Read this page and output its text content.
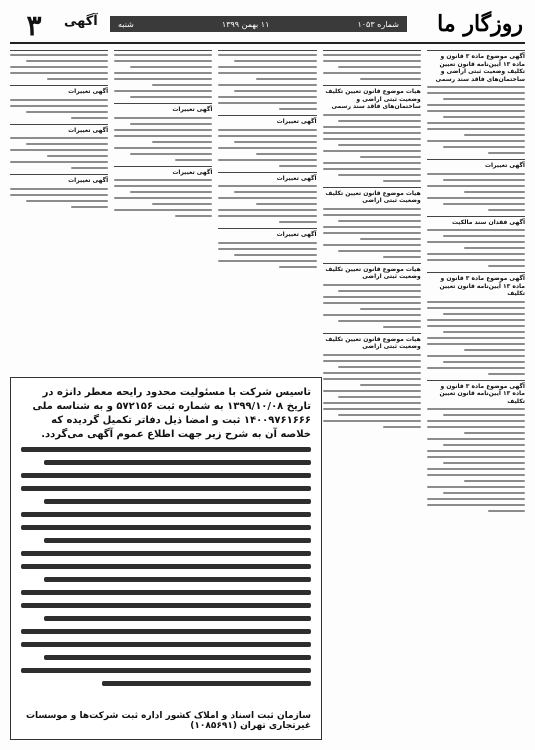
۳	آگهی	شماره ۱۰۵۳
۱۱ بهمن ۱۳۹۹
شنبه	روزگار ما
آگهی موضوع ماده ۳ قانون و ماده ۱۳ آیین‌نامه قانون تعیین تکلیف وضعیت ثبتی اراضی و ساختمان‌های فاقد سند رسمی
آگهی تغییرات
آگهی فقدان سند مالکیت
آگهی موضوع ماده ۳ قانون و ماده ۱۳ آیین‌نامه قانون تعیین تکلیف
آگهی موضوع ماده ۳ قانون و ماده ۱۳ آیین‌نامه قانون تعیین تکلیف
هیات موضوع قانون تعیین تکلیف وضعیت ثبتی اراضی و ساختمان‌های فاقد سند رسمی
هیات موضوع قانون تعیین تکلیف وضعیت ثبتی اراضی
هیات موضوع قانون تعیین تکلیف وضعیت ثبتی اراضی
هیات موضوع قانون تعیین تکلیف وضعیت ثبتی اراضی
آگهی تغییرات
آگهی تغییرات
آگهی تغییرات
آگهی تغییرات
آگهی تغییرات
آگهی تغییرات
آگهی تغییرات
آگهی تغییرات
تاسیس شرکت با مسئولیت محدود رایحه معطر دانژه در تاریخ ۱۳۹۹/۱۰/۰۸ به شماره ثبت ۵۷۲۱۵۶ و به شناسه ملی ۱۴۰۰۹۷۶۱۶۶۶ ثبت و امضا ذیل دفاتر تکمیل گردیده که خلاصه آن به شرح زیر جهت اطلاع عموم آگهی می‌گردد.
سازمان ثبت اسناد و املاک کشور اداره ثبت شرکت‌ها و موسسات غیرتجاری تهران (۱۰۸۵۶۹۱)
